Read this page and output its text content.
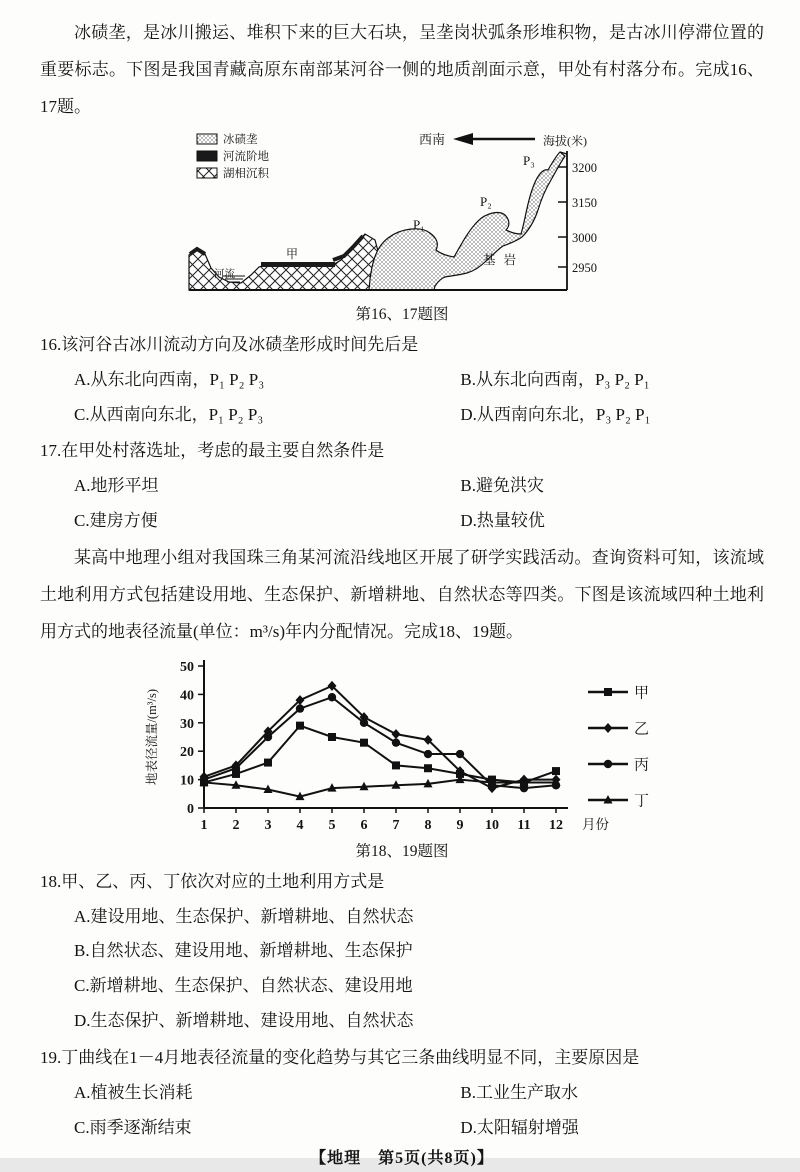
冰碛垄，是冰川搬运、堆积下来的巨大石块，呈垄岗状弧条形堆积物，是古冰川停滞位置的重要标志。下图是我国青藏高原东南部某河谷一侧的地质剖面示意，甲处有村落分布。完成16、17题。

冰碛垄
河流阶地
湖相沉积
西南	海拔(米)
3200
3150
3000
2950
河流
甲
P₁
P₂
P₃
基岩
第16、17题图

16.该河谷古冰川流动方向及冰碛垄形成时间先后是

A.从东北向西南，P₁ P₂ P₃	B.从东北向西南，P₃ P₂ P₁
C.从西南向东北，P₁ P₂ P₃	D.从西南向东北，P₃ P₂ P₁

17.在甲处村落选址，考虑的最主要自然条件是

A.地形平坦	B.避免洪灾
C.建房方便	D.热量较优

某高中地理小组对我国珠三角某河流沿线地区开展了研学实践活动。查询资料可知，该流域土地利用方式包括建设用地、生态保护、新增耕地、自然状态等四类。下图是该流域四种土地利用方式的地表径流量(单位：m³/s)年内分配情况。完成18、19题。

0
10
20
30
40
50
1 2 3 4 5 6 7 8 9 10 11 12 月份
地表径流量/(m³/s)	甲
乙
丙
丁
第18、19题图

18.甲、乙、丙、丁依次对应的土地利用方式是

A.建设用地、生态保护、新增耕地、自然状态
B.自然状态、建设用地、新增耕地、生态保护
C.新增耕地、生态保护、自然状态、建设用地
D.生态保护、新增耕地、建设用地、自然状态

19.丁曲线在1－4月地表径流量的变化趋势与其它三条曲线明显不同，主要原因是

A.植被生长消耗	B.工业生产取水
C.雨季逐渐结束	D.太阳辐射增强
【地理　第5页(共8页)】
